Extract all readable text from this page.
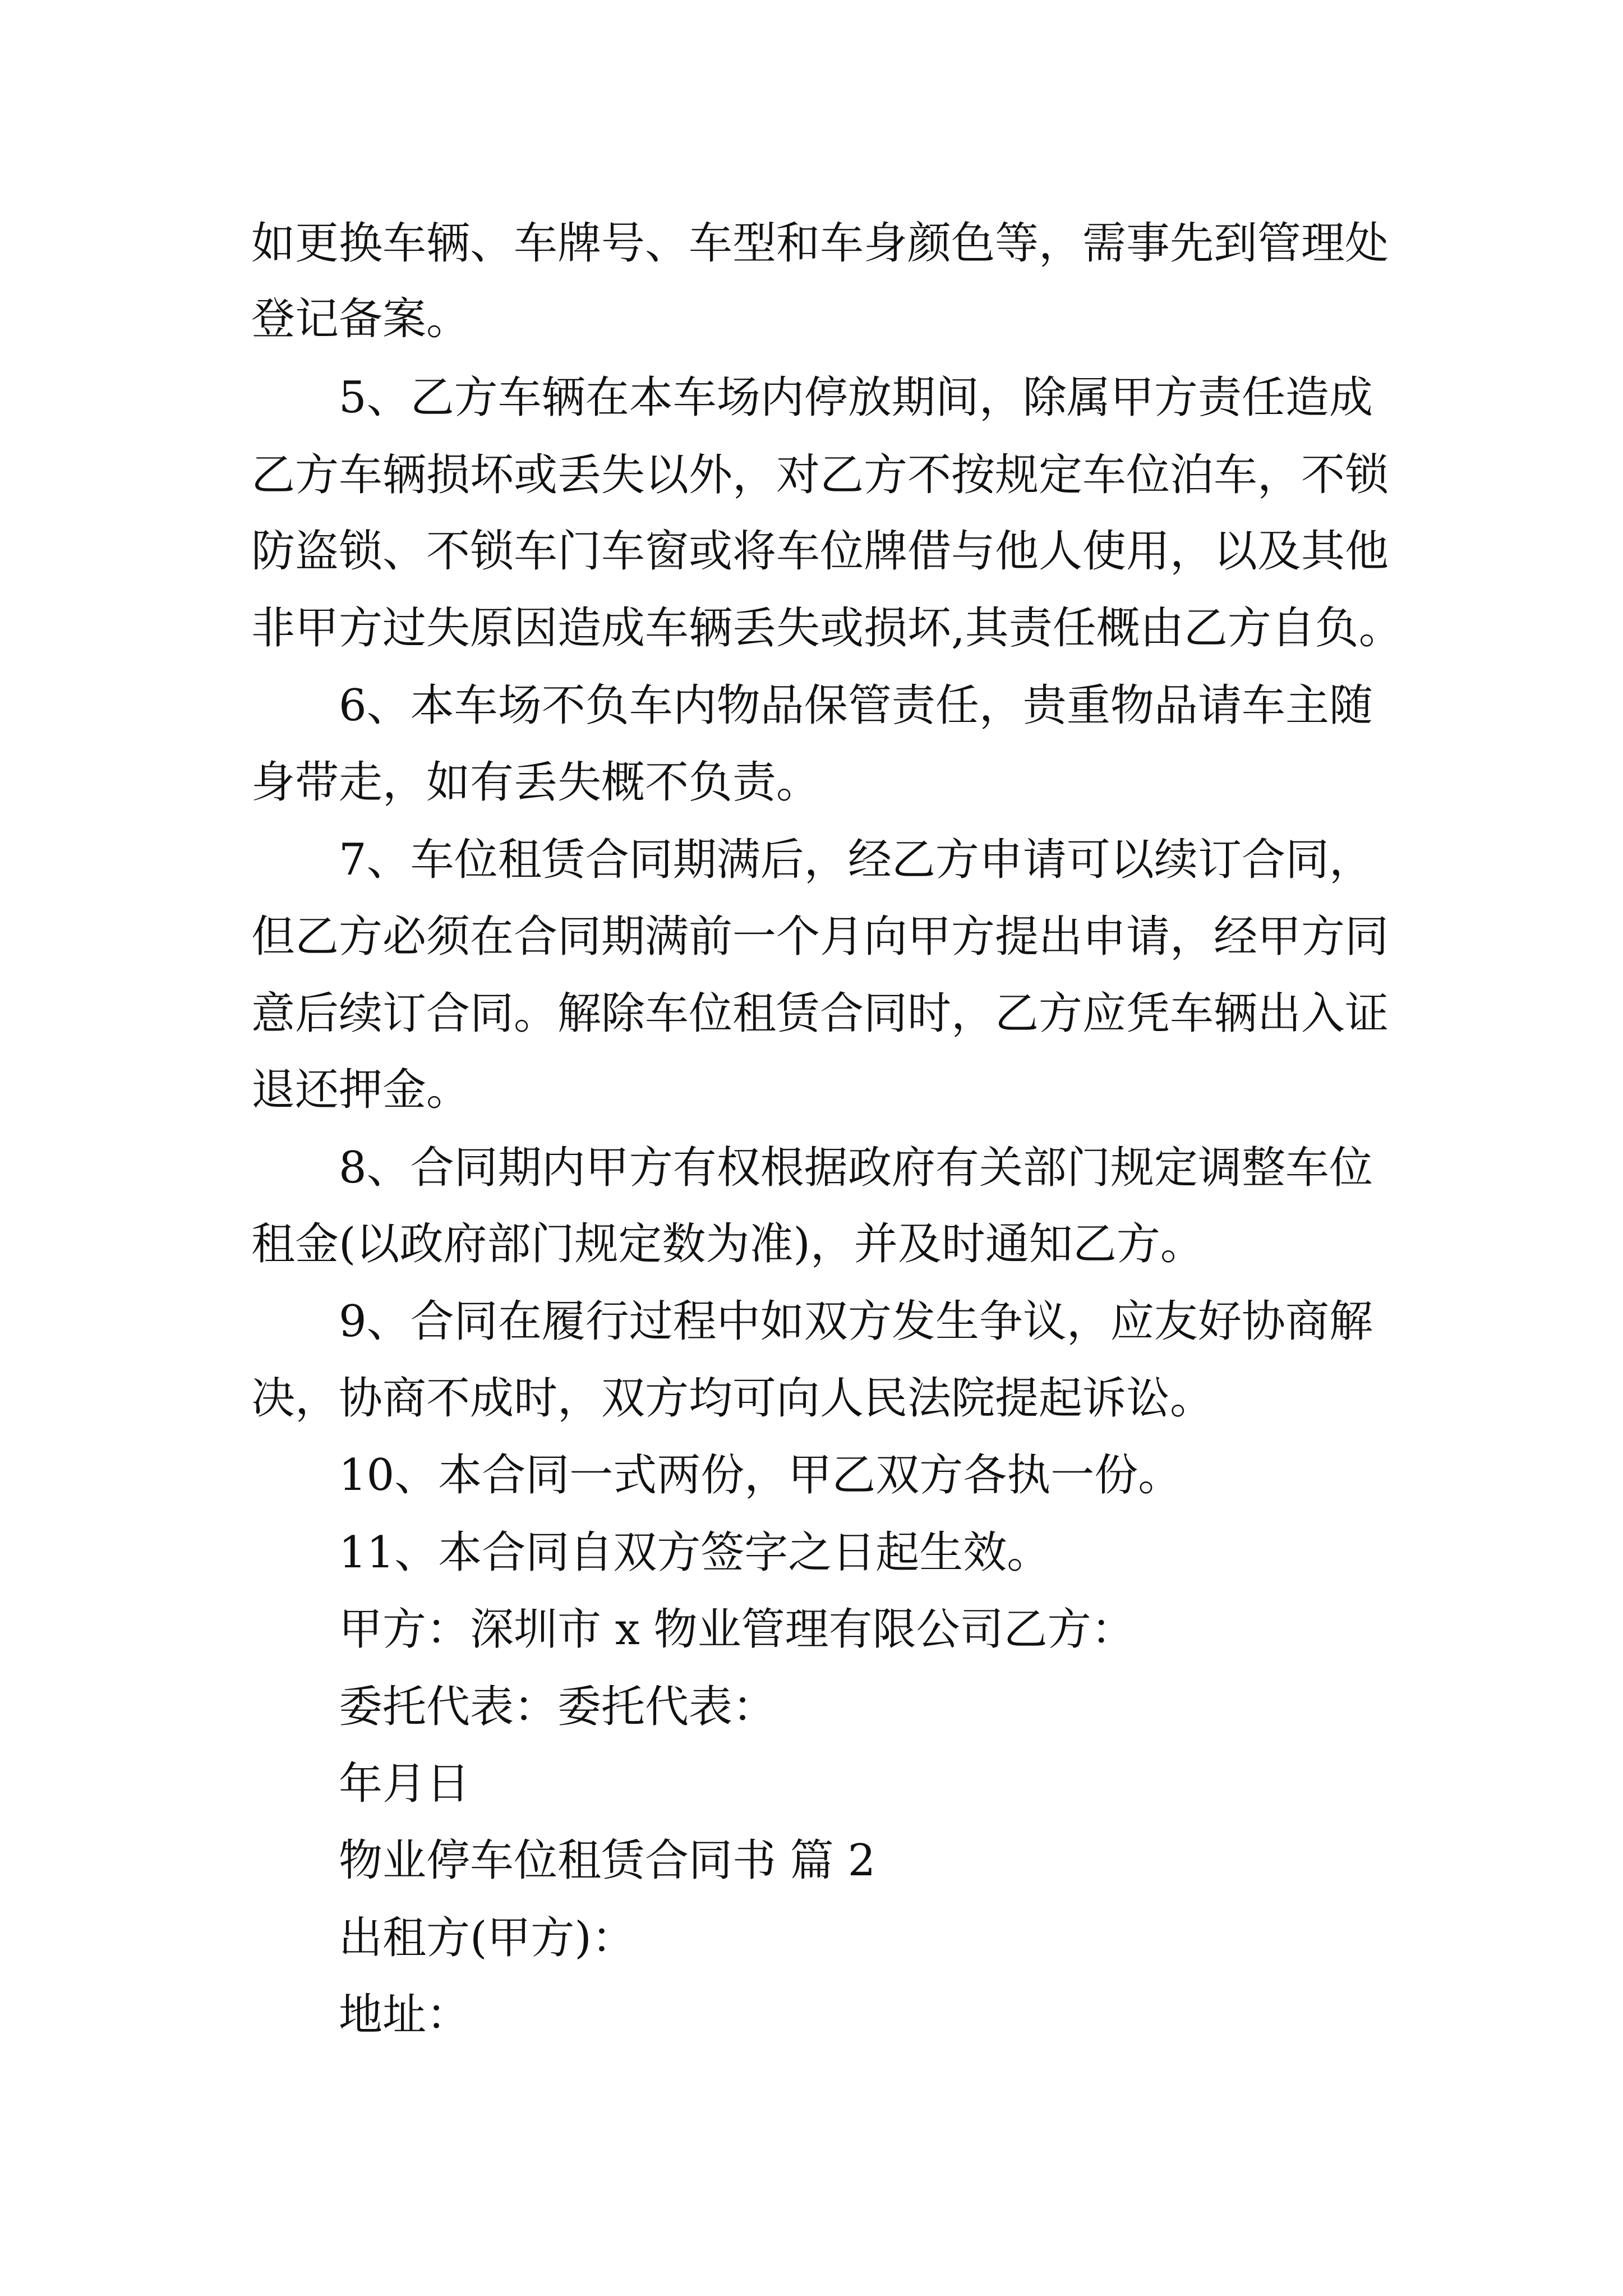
如更换车辆、车牌号、车型和车身颜色等，需事先到管理处
登记备案。
5、乙方车辆在本车场内停放期间，除属甲方责任造成
乙方车辆损坏或丢失以外，对乙方不按规定车位泊车，不锁
防盗锁、不锁车门车窗或将车位牌借与他人使用，以及其他
非甲方过失原因造成车辆丢失或损坏,其责任概由乙方自负。
6、本车场不负车内物品保管责任，贵重物品请车主随
身带走，如有丢失概不负责。
7、车位租赁合同期满后，经乙方申请可以续订合同，
但乙方必须在合同期满前一个月向甲方提出申请，经甲方同
意后续订合同。解除车位租赁合同时，乙方应凭车辆出入证
退还押金。
8、合同期内甲方有权根据政府有关部门规定调整车位
租金(以政府部门规定数为准)，并及时通知乙方。
9、合同在履行过程中如双方发生争议，应友好协商解
决，协商不成时，双方均可向人民法院提起诉讼。
10、本合同一式两份，甲乙双方各执一份。
11、本合同自双方签字之日起生效。
甲方：深圳市 x 物业管理有限公司乙方：
委托代表：委托代表：
年月日
物业停车位租赁合同书 篇 2
出租方(甲方)：
地址：
